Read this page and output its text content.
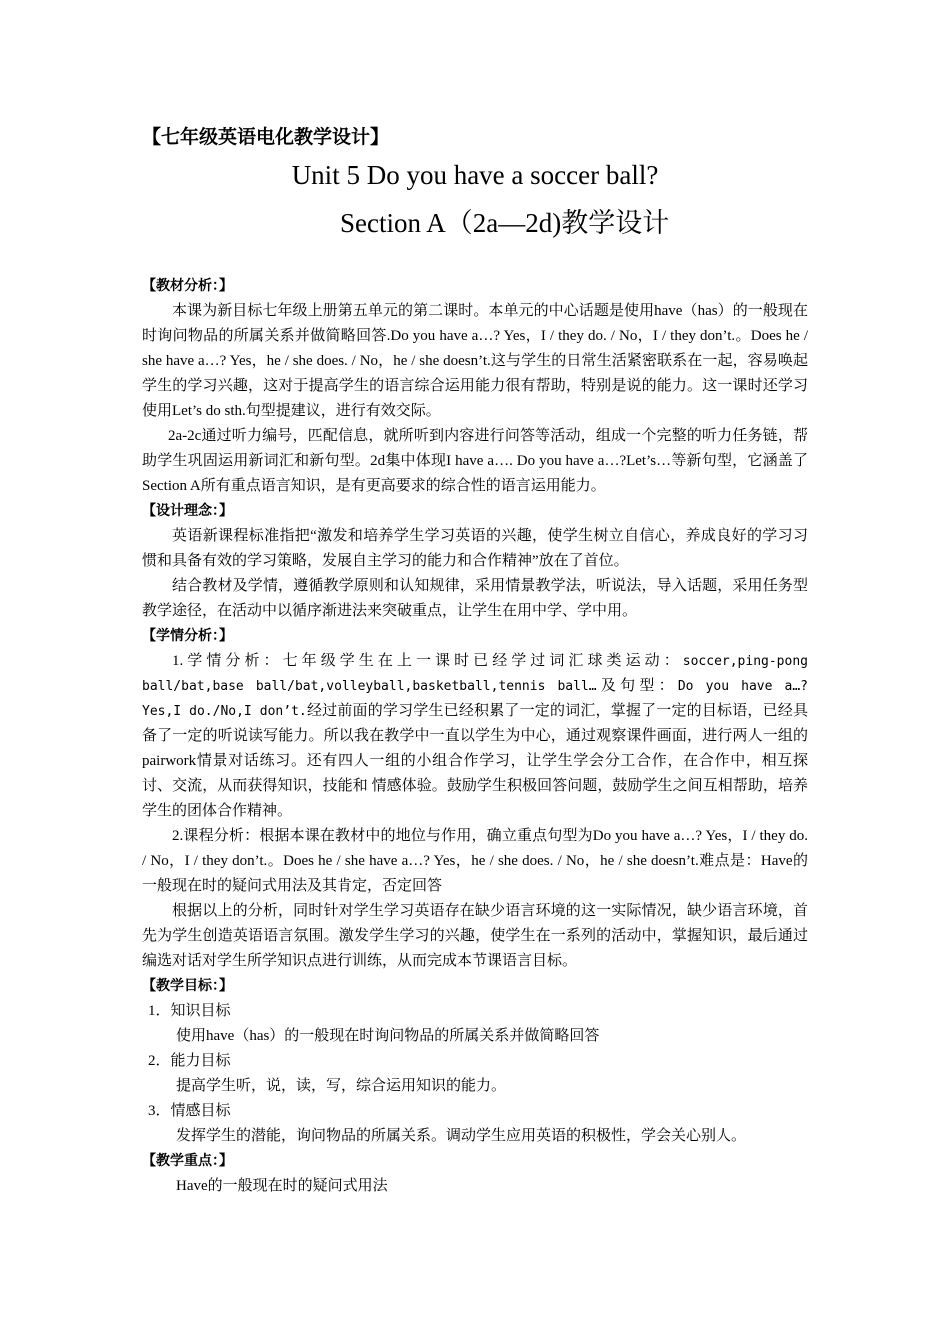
【七年级英语电化教学设计】
Unit 5 Do you have a soccer ball?
Section A（2a—2d)教学设计
【教材分析：】

本课为新目标七年级上册第五单元的第二课时。本单元的中心话题是使用have（has）的一般现在时询问物品的所属关系并做简略回答.Do you have a…? Yes，I / they do. / No，I / they don’t.。Does he / she have a…? Yes，he / she does. / No，he / she doesn’t.这与学生的日常生活紧密联系在一起，容易唤起学生的学习兴趣，这对于提高学生的语言综合运用能力很有帮助，特别是说的能力。这一课时还学习使用Let’s do sth.句型提建议，进行有效交际。

2a-2c通过听力编号，匹配信息，就所听到内容进行问答等活动，组成一个完整的听力任务链，帮助学生巩固运用新词汇和新句型。2d集中体现I have a…. Do you have a…?Let’s…等新句型，它涵盖了Section A所有重点语言知识，是有更高要求的综合性的语言运用能力。

【设计理念：】

英语新课程标准指把“激发和培养学生学习英语的兴趣，使学生树立自信心，养成良好的学习习惯和具备有效的学习策略，发展自主学习的能力和合作精神”放在了首位。

结合教材及学情，遵循教学原则和认知规律，采用情景教学法，听说法，导入话题，采用任务型教学途径，在活动中以循序渐进法来突破重点，让学生在用中学、学中用。

【学情分析：】

1.学情分析：七年级学生在上一课时已经学过词汇球类运动：soccer,ping-pong ball/bat,base ball/bat,volleyball,basketball,tennis ball…及句型：Do you have a…? Yes,I do./No,I don’t.经过前面的学习学生已经积累了一定的词汇，掌握了一定的目标语，已经具备了一定的听说读写能力。所以我在教学中一直以学生为中心，通过观察课件画面，进行两人一组的pairwork情景对话练习。还有四人一组的小组合作学习，让学生学会分工合作，在合作中，相互探讨、交流，从而获得知识，技能和 情感体验。鼓励学生积极回答问题，鼓励学生之间互相帮助，培养学生的团体合作精神。

2.课程分析：根据本课在教材中的地位与作用，确立重点句型为Do you have a…? Yes，I / they do. / No，I / they don’t.。Does he / she have a…? Yes，he / she does. / No，he / she doesn’t.难点是：Have的一般现在时的疑问式用法及其肯定，否定回答

根据以上的分析，同时针对学生学习英语存在缺少语言环境的这一实际情况，缺少语言环境，首先为学生创造英语语言氛围。激发学生学习的兴趣，使学生在一系列的活动中，掌握知识，最后通过编选对话对学生所学知识点进行训练，从而完成本节课语言目标。

【教学目标：】
1．知识目标
使用have（has）的一般现在时询问物品的所属关系并做简略回答
2．能力目标
提高学生听，说，读，写，综合运用知识的能力。
3．情感目标
发挥学生的潜能，询问物品的所属关系。调动学生应用英语的积极性，学会关心别人。
【教学重点：】
Have的一般现在时的疑问式用法
